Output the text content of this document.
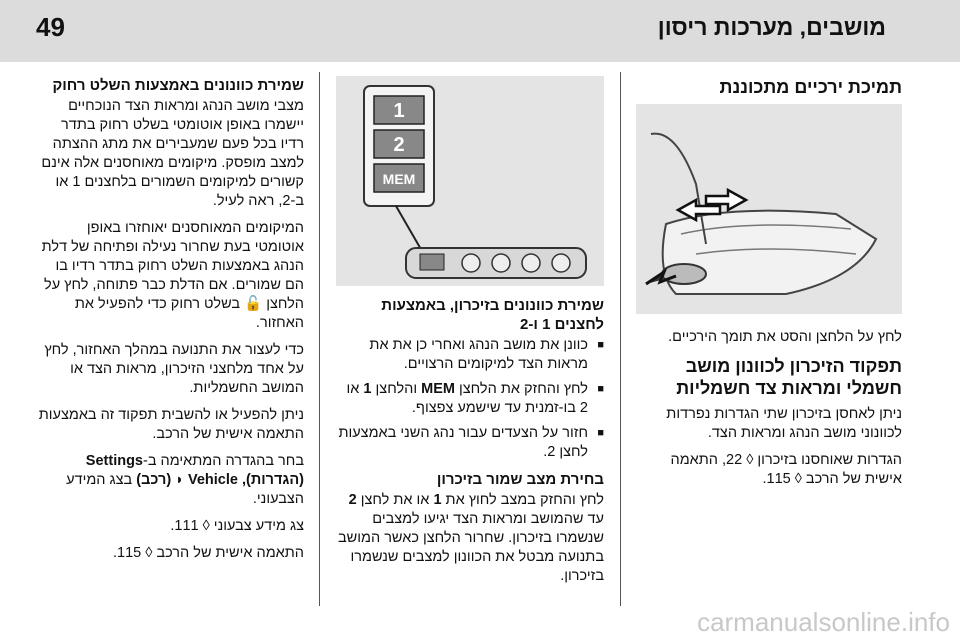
49	מושבים, מערכות ריסון
תמיכת ירכיים מתכוננת

לחץ על הלחצן והסט את תומך הירכיים.

תפקוד הזיכרון לכוונון מושב חשמלי ומראות צד חשמליות

ניתן לאחסן בזיכרון שתי הגדרות נפרדות לכוונוני מושב הנהג ומראות הצד.

הגדרות שאוחסנו בזיכרון ◊ 22, התאמה אישית של הרכב ◊ 115.

1
2
MEM
שמירת כוונונים בזיכרון, באמצעות לחצנים 1 ו-2
■ כוונן את מושב הנהג ואחרי כן את את מראות הצד למיקומים הרצויים.
■ לחץ והחזק את הלחצן MEM והלחצן 1 או 2 בו-זמנית עד שישמע צפצוף.
■ חזור על הצעדים עבור נהג השני באמצעות לחצן 2.
בחירת מצב שמור בזיכרון

לחץ והחזק במצב לחוץ את 1 או את לחצן 2 עד שהמושב ומראות הצד יגיעו למצבים שנשמרו בזיכרון. שחרור הלחצן כאשר המושב בתנועה מבטל את הכוונון למצבים שנשמרו בזיכרון.

שמירת כוונונים באמצעות השלט רחוק

מצבי מושב הנהג ומראות הצד הנוכחיים יישמרו באופן אוטומטי בשלט רחוק בתדר רדיו בכל פעם שמעבירים את מתג ההצתה למצב מופסק. מיקומים מאוחסנים אלה אינם קשורים למיקומים השמורים בלחצנים 1 או ב-2, ראה לעיל.

המיקומים המאוחסנים יאוחזרו באופן אוטומטי בעת שחרור נעילה ופתיחה של דלת הנהג באמצעות השלט רחוק בתדר רדיו בו הם שמורים. אם הדלת כבר פתוחה, לחץ על הלחצן 🔓 בשלט רחוק כדי להפעיל את האחזור.

כדי לעצור את התנועה במהלך האחזור, לחץ על אחד מלחצני הזיכרון, מראות הצד או המושב החשמליות.

ניתן להפעיל או להשבית תפקוד זה באמצעות התאמה אישית של הרכב.

בחר בהגדרה המתאימה ב-Settings (הגדרות), Vehicle ◗ (רכב) בצג המידע הצבעוני.

צג מידע צבעוני ◊ 111.

התאמה אישית של הרכב ◊ 115.

carmanualsonline.info
